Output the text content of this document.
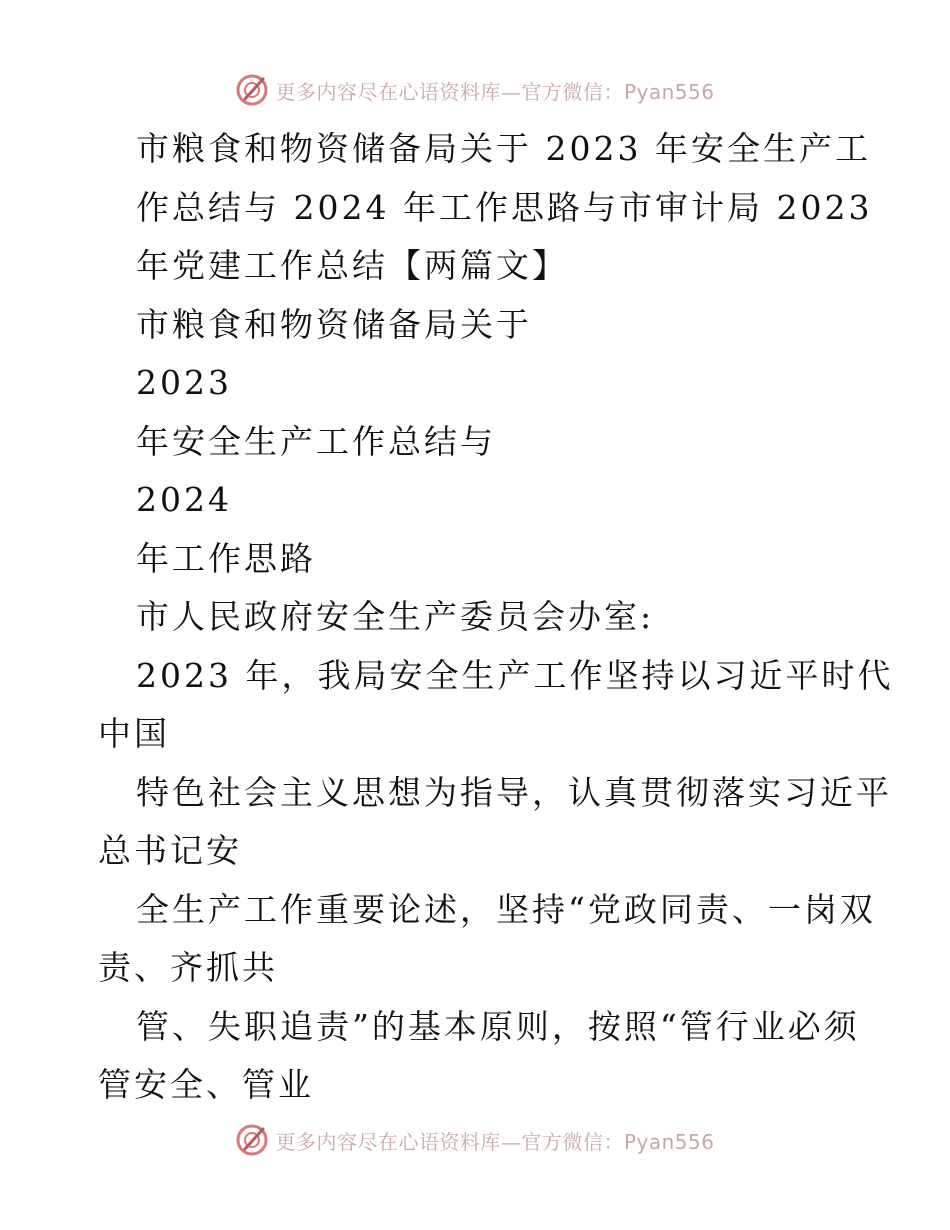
更多内容尽在心语资料库—官方微信：Pyan556
市粮食和物资储备局关于 2023 年安全生产工
作总结与 2024 年工作思路与市审计局 2023
年党建工作总结【两篇文】
市粮食和物资储备局关于
2023
年安全生产工作总结与
2024
年工作思路
市人民政府安全生产委员会办室:
2023 年，我局安全生产工作坚持以习近平时代
中国
特色社会主义思想为指导，认真贯彻落实习近平
总书记安
全生产工作重要论述，坚持“党政同责、一岗双
责、齐抓共
管、失职追责”的基本原则，按照“管行业必须
管安全、管业
更多内容尽在心语资料库—官方微信：Pyan556
